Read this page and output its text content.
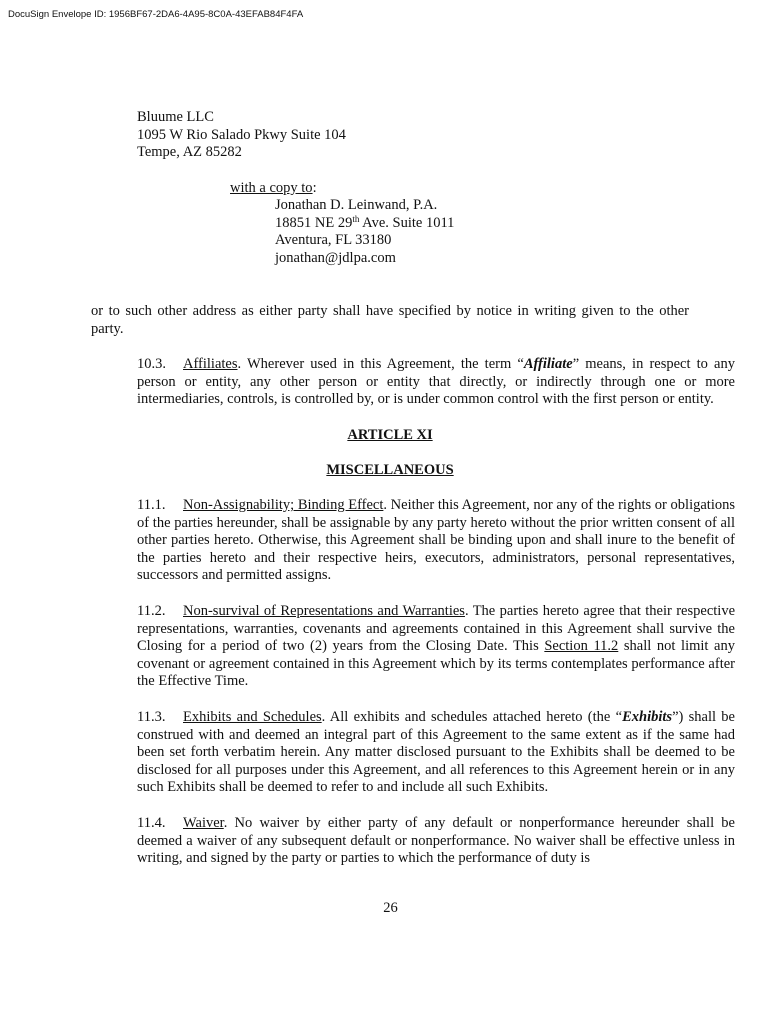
DocuSign Envelope ID: 1956BF67-2DA6-4A95-8C0A-43EFAB84F4FA
Bluume LLC
1095 W Rio Salado Pkwy Suite 104
Tempe, AZ 85282
with a copy to:
Jonathan D. Leinwand, P.A.
18851 NE 29th Ave. Suite 1011
Aventura, FL 33180
jonathan@jdlpa.com
or to such other address as either party shall have specified by notice in writing given to the other party.
10.3. Affiliates. Wherever used in this Agreement, the term “Affiliate” means, in respect to any person or entity, any other person or entity that directly, or indirectly through one or more intermediaries, controls, is controlled by, or is under common control with the first person or entity.
ARTICLE XI
MISCELLANEOUS
11.1. Non-Assignability; Binding Effect. Neither this Agreement, nor any of the rights or obligations of the parties hereunder, shall be assignable by any party hereto without the prior written consent of all other parties hereto. Otherwise, this Agreement shall be binding upon and shall inure to the benefit of the parties hereto and their respective heirs, executors, administrators, personal representatives, successors and permitted assigns.
11.2. Non-survival of Representations and Warranties. The parties hereto agree that their respective representations, warranties, covenants and agreements contained in this Agreement shall survive the Closing for a period of two (2) years from the Closing Date. This Section 11.2 shall not limit any covenant or agreement contained in this Agreement which by its terms contemplates performance after the Effective Time.
11.3. Exhibits and Schedules. All exhibits and schedules attached hereto (the “Exhibits”) shall be construed with and deemed an integral part of this Agreement to the same extent as if the same had been set forth verbatim herein. Any matter disclosed pursuant to the Exhibits shall be deemed to be disclosed for all purposes under this Agreement, and all references to this Agreement herein or in any such Exhibits shall be deemed to refer to and include all such Exhibits.
11.4. Waiver. No waiver by either party of any default or nonperformance hereunder shall be deemed a waiver of any subsequent default or nonperformance. No waiver shall be effective unless in writing, and signed by the party or parties to which the performance of duty is
26
